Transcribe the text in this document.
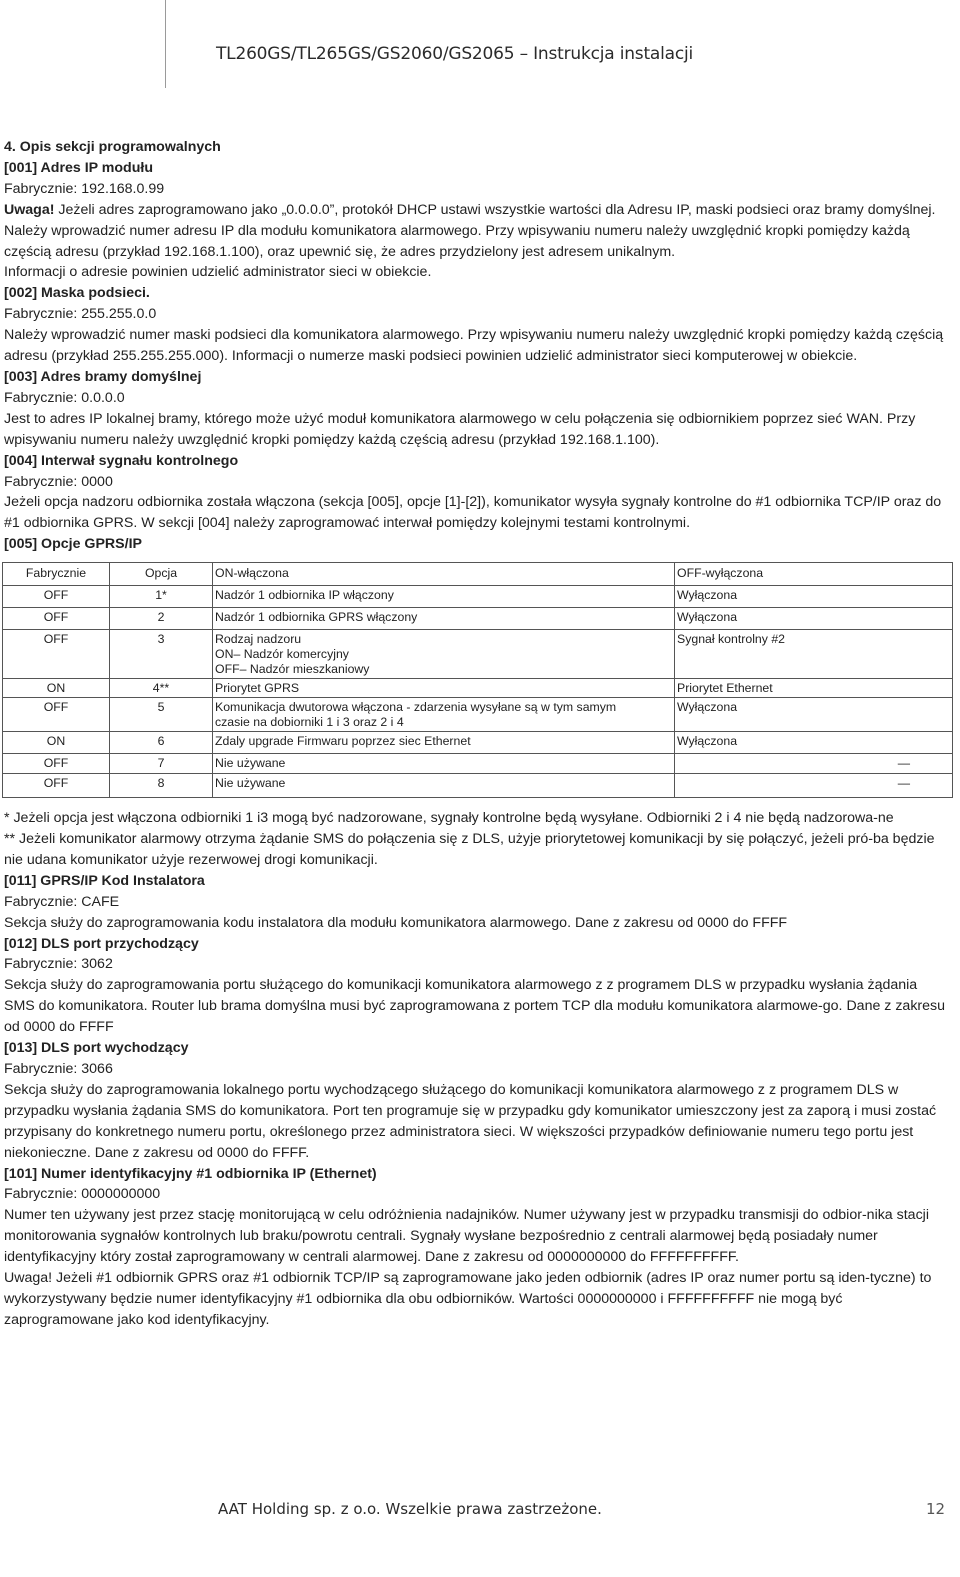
TL260GS/TL265GS/GS2060/GS2065 – Instrukcja instalacji

4. Opis sekcji programowalnych

[001] Adres IP modułu

Fabrycznie: 192.168.0.99

Uwaga! Jeżeli adres zaprogramowano jako „0.0.0.0”, protokół DHCP ustawi wszystkie wartości dla Adresu IP, maski podsieci oraz bramy domyślnej.

Należy wprowadzić numer adresu IP dla modułu komunikatora alarmowego. Przy wpisywaniu numeru należy uwzględnić kropki pomiędzy każdą częścią adresu (przykład 192.168.1.100), oraz upewnić się, że adres przydzielony jest adresem unikalnym.

Informacji o adresie powinien udzielić administrator sieci w obiekcie.

[002] Maska podsieci.

Fabrycznie: 255.255.0.0

Należy wprowadzić numer maski podsieci dla komunikatora alarmowego. Przy wpisywaniu numeru należy uwzględnić kropki pomiędzy każdą częścią adresu (przykład 255.255.255.000). Informacji o numerze maski podsieci powinien udzielić administrator sieci komputerowej w obiekcie.

[003] Adres bramy domyślnej

Fabrycznie: 0.0.0.0

Jest to adres IP lokalnej bramy, którego może użyć moduł komunikatora alarmowego w celu połączenia się odbiornikiem poprzez sieć WAN. Przy wpisywaniu numeru należy uwzględnić kropki pomiędzy każdą częścią adresu (przykład 192.168.1.100).

[004] Interwał sygnału kontrolnego

Fabrycznie: 0000

Jeżeli opcja nadzoru odbiornika została włączona (sekcja [005], opcje [1]-[2]), komunikator wysyła sygnały kontrolne do #1 odbiornika TCP/IP oraz do #1 odbiornika GPRS. W sekcji [004] należy zaprogramować interwał pomiędzy kolejnymi testami kontrolnymi.

[005] Opcje GPRS/IP

Fabrycznie	Opcja	ON-włączona	OFF-wyłączona
OFF	1*	Nadzór 1 odbiornika IP włączony	Wyłączona
OFF	2	Nadzór 1 odbiornika GPRS włączony	Wyłączona
OFF	3	Rodzaj nadzoru
ON– Nadzór komercyjny
OFF– Nadzór mieszkaniowy	Sygnał kontrolny #2
ON	4**	Priorytet GPRS	Priorytet Ethernet
OFF	5	Komunikacja dwutorowa włączona - zdarzenia wysyłane są w tym samym
czasie na dobiorniki 1 i 3 oraz 2 i 4	Wyłączona
ON	6	Zdaly upgrade Firmwaru poprzez siec Ethernet	Wyłączona
OFF	7	Nie używane	—

OFF	8	Nie używane	—

* Jeżeli opcja jest włączona odbiorniki 1 i3 mogą być nadzorowane, sygnały kontrolne będą wysyłane. Odbiorniki 2 i 4 nie będą nadzorowa-ne

** Jeżeli komunikator alarmowy otrzyma żądanie SMS do połączenia się z DLS, użyje priorytetowej komunikacji by się połączyć, jeżeli pró-ba będzie nie udana komunikator użyje rezerwowej drogi komunikacji.

[011] GPRS/IP Kod Instalatora

Fabrycznie: CAFE

Sekcja służy do zaprogramowania kodu instalatora dla modułu komunikatora alarmowego. Dane z zakresu od 0000 do FFFF

[012] DLS port przychodzący

Fabrycznie: 3062

Sekcja służy do zaprogramowania portu służącego do komunikacji komunikatora alarmowego z z programem DLS w przypadku wysłania żądania SMS do komunikatora. Router lub brama domyślna musi być zaprogramowana z portem TCP dla modułu komunikatora alarmowe-go. Dane z zakresu od 0000 do FFFF

[013] DLS port wychodzący

Fabrycznie: 3066

Sekcja służy do zaprogramowania lokalnego portu wychodzącego służącego do komunikacji komunikatora alarmowego z z programem DLS w przypadku wysłania żądania SMS do komunikatora. Port ten programuje się w przypadku gdy komunikator umieszczony jest za zaporą i musi zostać przypisany do konkretnego numeru portu, określonego przez administratora sieci. W większości przypadków definiowanie numeru tego portu jest niekonieczne. Dane z zakresu od 0000 do FFFF.

[101] Numer identyfikacyjny #1 odbiornika IP (Ethernet)

Fabrycznie: 0000000000

Numer ten używany jest przez stację monitorującą w celu odróżnienia nadajników. Numer używany jest w przypadku transmisji do odbior-nika stacji monitorowania sygnałów kontrolnych lub braku/powrotu centrali. Sygnały wysłane bezpośrednio z centrali alarmowej będą posiadały numer identyfikacyjny który został zaprogramowany w centrali alarmowej. Dane z zakresu od 0000000000 do FFFFFFFFFF.

Uwaga! Jeżeli #1 odbiornik GPRS oraz #1 odbiornik TCP/IP są zaprogramowane jako jeden odbiornik (adres IP oraz numer portu są iden-tyczne) to wykorzystywany będzie numer identyfikacyjny #1 odbiornika dla obu odbiorników. Wartości 0000000000 i FFFFFFFFFF nie mogą być zaprogramowane jako kod identyfikacyjny.

AAT Holding sp. z o.o. Wszelkie prawa zastrzeżone.	12
